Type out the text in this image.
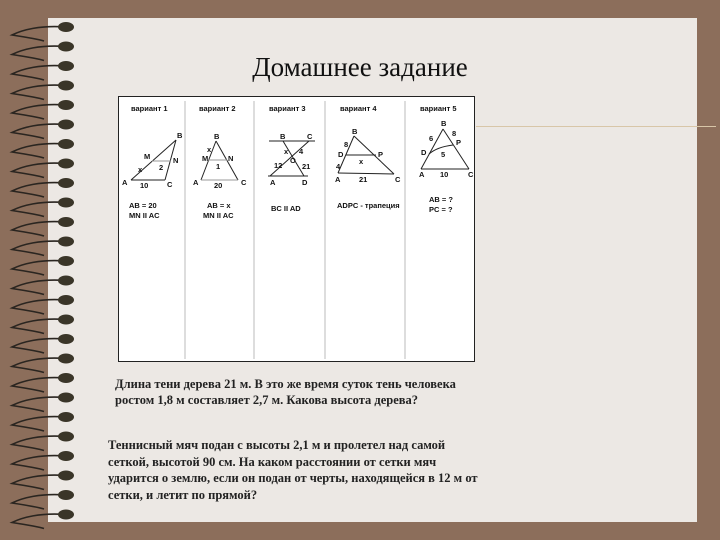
Домашнее задание
вариант 1
A
B
C
M	N
x 2
10
AB = 20
MN II AC
вариант 2
A
B
C
M	N
x
1
20
AB = x
MN II AC
вариант 3
A
B	C
D
O
x 4
12	21
BC II AD
вариант 4
A
B
C
D	P
x
8
4
21
ADPC - трапеция
вариант 5
A
B
C
D
P
6
8
5
10
AB = ?
PC = ?
Длина тени дерева 21 м. В это же время суток тень человека ростом 1,8 м составляет 2,7 м. Какова высота дерева?
Теннисный мяч подан с высоты 2,1 м и пролетел над самой сеткой, высотой 90 см. На каком расстоянии от сетки мяч ударится о землю, если он подан от черты, находящейся в 12 м от сетки, и летит по прямой?
